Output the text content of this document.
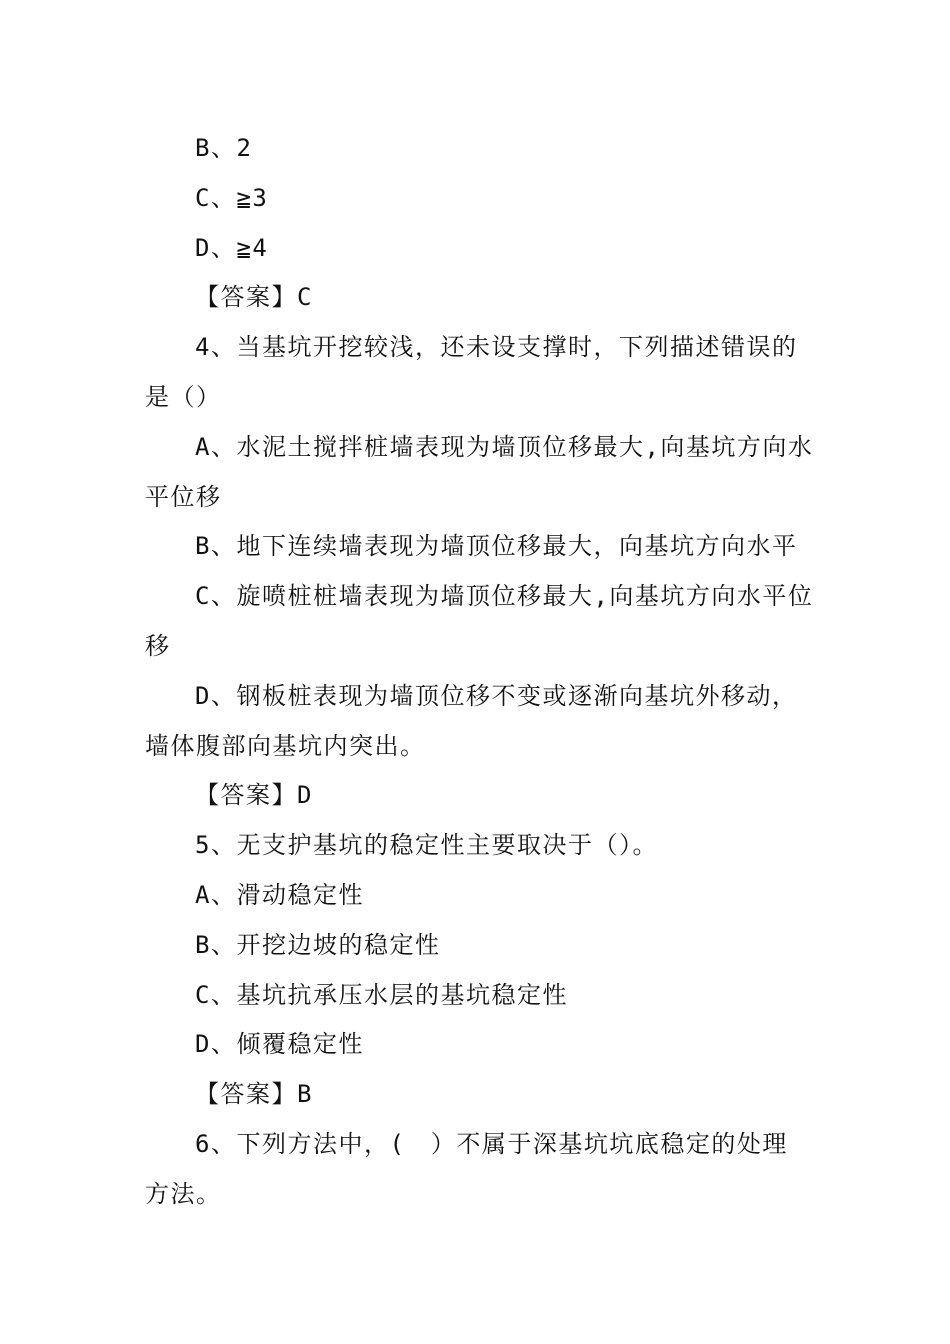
B、2
C、≧3
D、≧4
【答案】C
4、当基坑开挖较浅，还未设支撑时，下列描述错误的
是（）
A、水泥土搅拌桩墙表现为墙顶位移最大,向基坑方向水
平位移
B、地下连续墙表现为墙顶位移最大，向基坑方向水平
C、旋喷桩桩墙表现为墙顶位移最大,向基坑方向水平位
移
D、钢板桩表现为墙顶位移不变或逐渐向基坑外移动，
墙体腹部向基坑内突出。
【答案】D
5、无支护基坑的稳定性主要取决于（）。
A、滑动稳定性
B、开挖边坡的稳定性
C、基坑抗承压水层的基坑稳定性
D、倾覆稳定性
【答案】B
6、下列方法中，(　）不属于深基坑坑底稳定的处理
方法。
